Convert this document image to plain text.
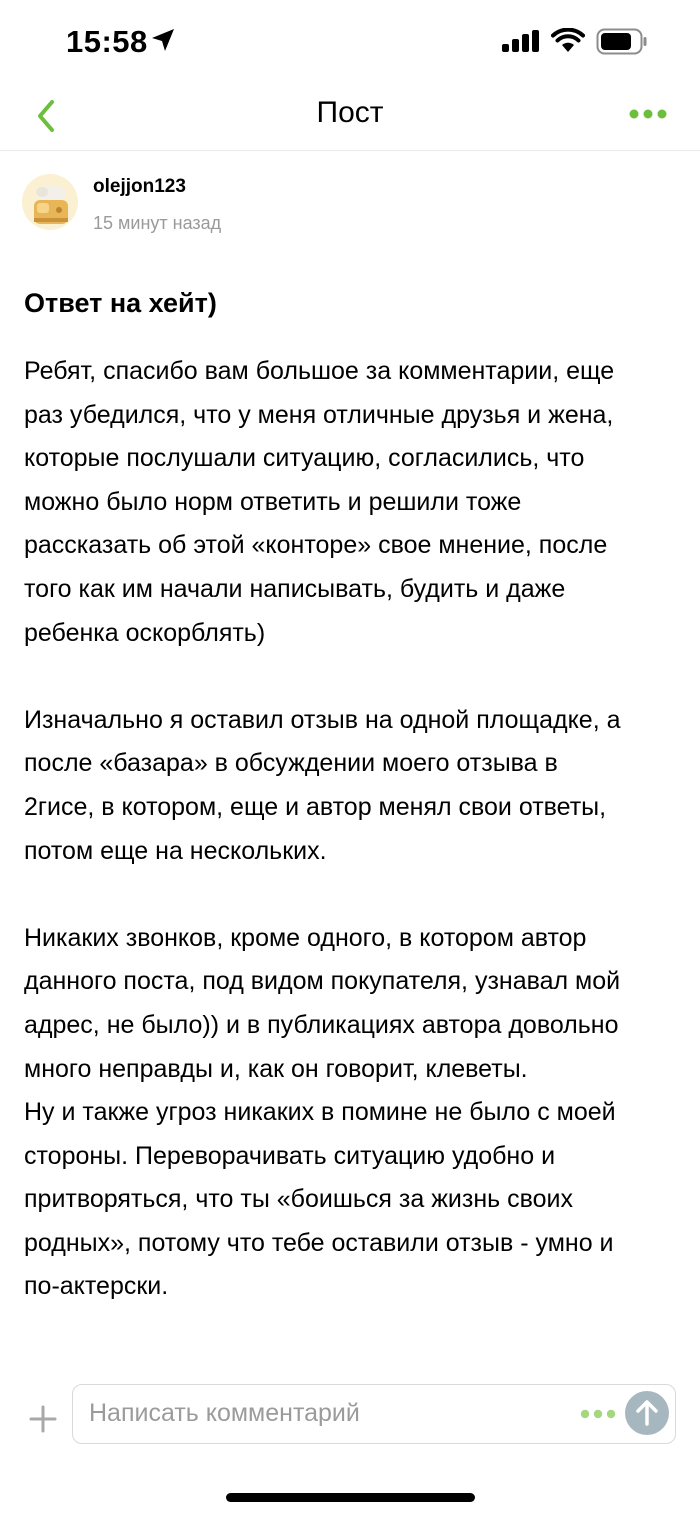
15:58
Пост
olejjon123
15 минут назад
Ответ на хейт)

Ребят, спасибо вам большое за комментарии, еще

раз убедился, что у меня отличные друзья и жена,

которые послушали ситуацию, согласились, что

можно было норм ответить и решили тоже

рассказать об этой «конторе» свое мнение, после

того как им начали написывать, будить и даже

ребенка оскорблять)

Изначально я оставил отзыв на одной площадке, а

после «базара» в обсуждении моего отзыва в

2гисе, в котором, еще и автор менял свои ответы,

потом еще на нескольких.

Никаких звонков, кроме одного, в котором автор

данного поста, под видом покупателя, узнавал мой

адрес, не было)) и в публикациях автора довольно

много неправды и, как он говорит, клеветы.

Ну и также угроз никаких в помине не было с моей

стороны. Переворачивать ситуацию удобно и

притворяться, что ты «боишься за жизнь своих

родных», потому что тебе оставили отзыв - умно и

по-актерски.

Написать комментарий
